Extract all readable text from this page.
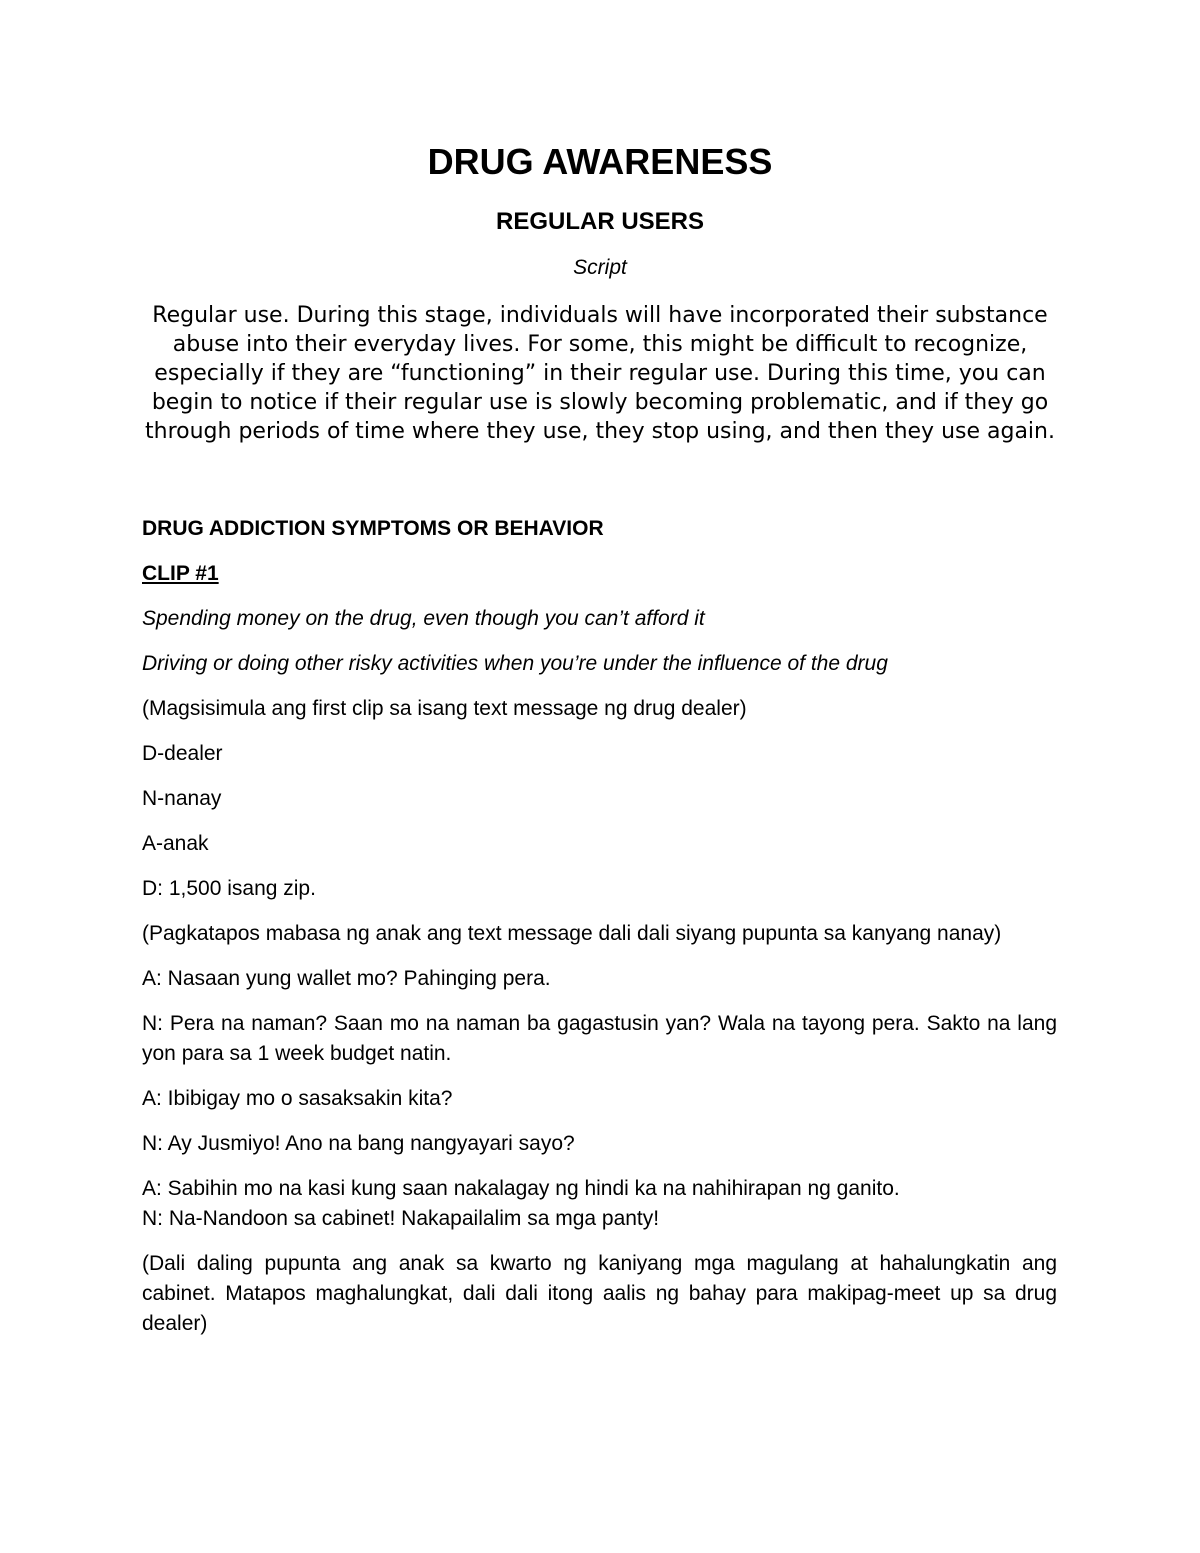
DRUG AWARENESS
REGULAR USERS
Script
Regular use. During this stage, individuals will have incorporated their substance abuse into their everyday lives. For some, this might be difficult to recognize, especially if they are “functioning” in their regular use. During this time, you can begin to notice if their regular use is slowly becoming problematic, and if they go through periods of time where they use, they stop using, and then they use again.

DRUG ADDICTION SYMPTOMS OR BEHAVIOR

CLIP #1

Spending money on the drug, even though you can’t afford it

Driving or doing other risky activities when you’re under the influence of the drug

(Magsisimula ang first clip sa isang text message ng drug dealer)

D-dealer

N-nanay

A-anak

D: 1,500 isang zip.

(Pagkatapos mabasa ng anak ang text message dali dali siyang pupunta sa kanyang nanay)

A: Nasaan yung wallet mo? Pahinging pera.

N: Pera na naman? Saan mo na naman ba gagastusin yan? Wala na tayong pera. Sakto na lang yon para sa 1 week budget natin.

A: Ibibigay mo o sasaksakin kita?

N: Ay Jusmiyo! Ano na bang nangyayari sayo?

A: Sabihin mo na kasi kung saan nakalagay ng hindi ka na nahihirapan ng ganito.

N: Na-Nandoon sa cabinet! Nakapailalim sa mga panty!

(Dali daling pupunta ang anak sa kwarto ng kaniyang mga magulang at hahalungkatin ang cabinet. Matapos maghalungkat, dali dali itong aalis ng bahay para makipag-meet up sa drug dealer)
